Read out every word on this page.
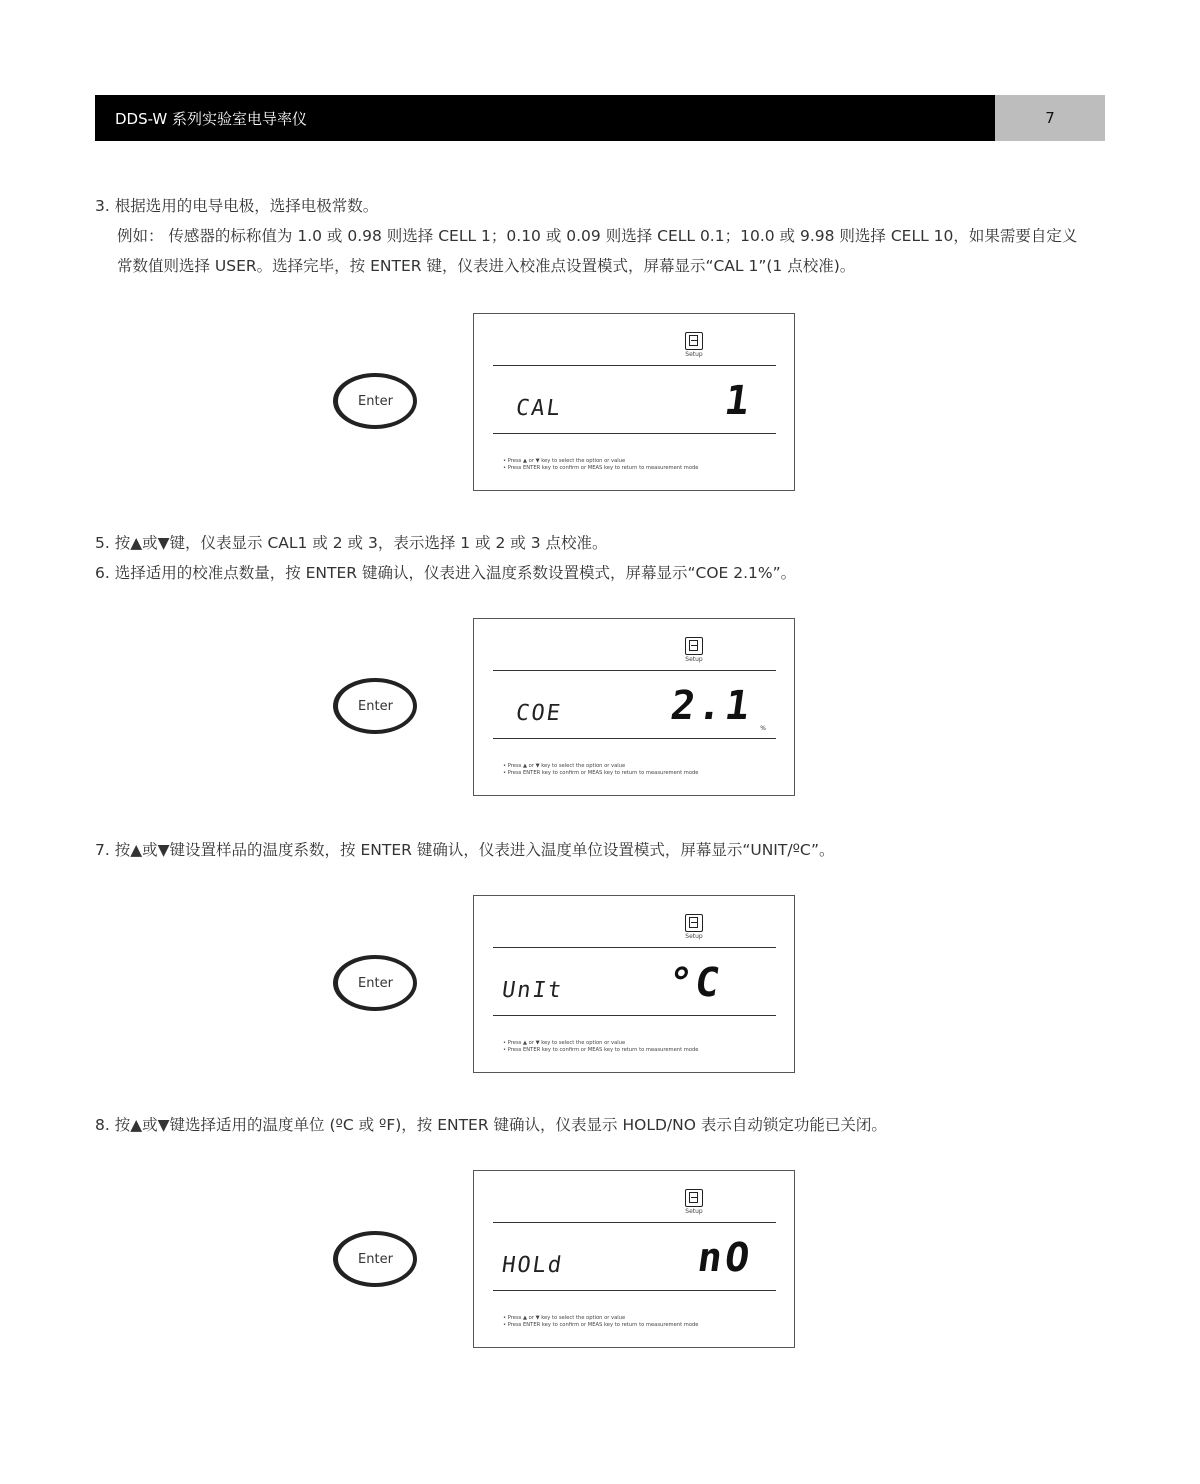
DDS-W 系列实验室电导率仪	7
3. 根据选用的电导电极，选择电极常数。
例如： 传感器的标称值为 1.0 或 0.98 则选择 CELL 1；0.10 或 0.09 则选择 CELL 0.1；10.0 或 9.98 则选择 CELL 10，如果需要自定义
常数值则选择 USER。选择完毕，按 ENTER 键，仪表进入校准点设置模式，屏幕显示“CAL 1”(1 点校准)。
Enter
Setup
CAL	1
• Press ▲ or ▼ key to select the option or value
• Press ENTER key to confirm or MEAS key to return to measurement mode
5. 按▲或▼键，仪表显示 CAL1 或 2 或 3，表示选择 1 或 2 或 3 点校准。
6. 选择适用的校准点数量，按 ENTER 键确认，仪表进入温度系数设置模式，屏幕显示“COE 2.1%”。
Enter
Setup
COE	2.1 %
• Press ▲ or ▼ key to select the option or value
• Press ENTER key to confirm or MEAS key to return to measurement mode
7. 按▲或▼键设置样品的温度系数，按 ENTER 键确认，仪表进入温度单位设置模式，屏幕显示“UNIT/ºC”。
Enter
Setup
UnIt °C
• Press ▲ or ▼ key to select the option or value
• Press ENTER key to confirm or MEAS key to return to measurement mode
8. 按▲或▼键选择适用的温度单位 (ºC 或 ºF)，按 ENTER 键确认，仪表显示 HOLD/NO 表示自动锁定功能已关闭。
Enter
Setup
HOLd	nO
• Press ▲ or ▼ key to select the option or value
• Press ENTER key to confirm or MEAS key to return to measurement mode
